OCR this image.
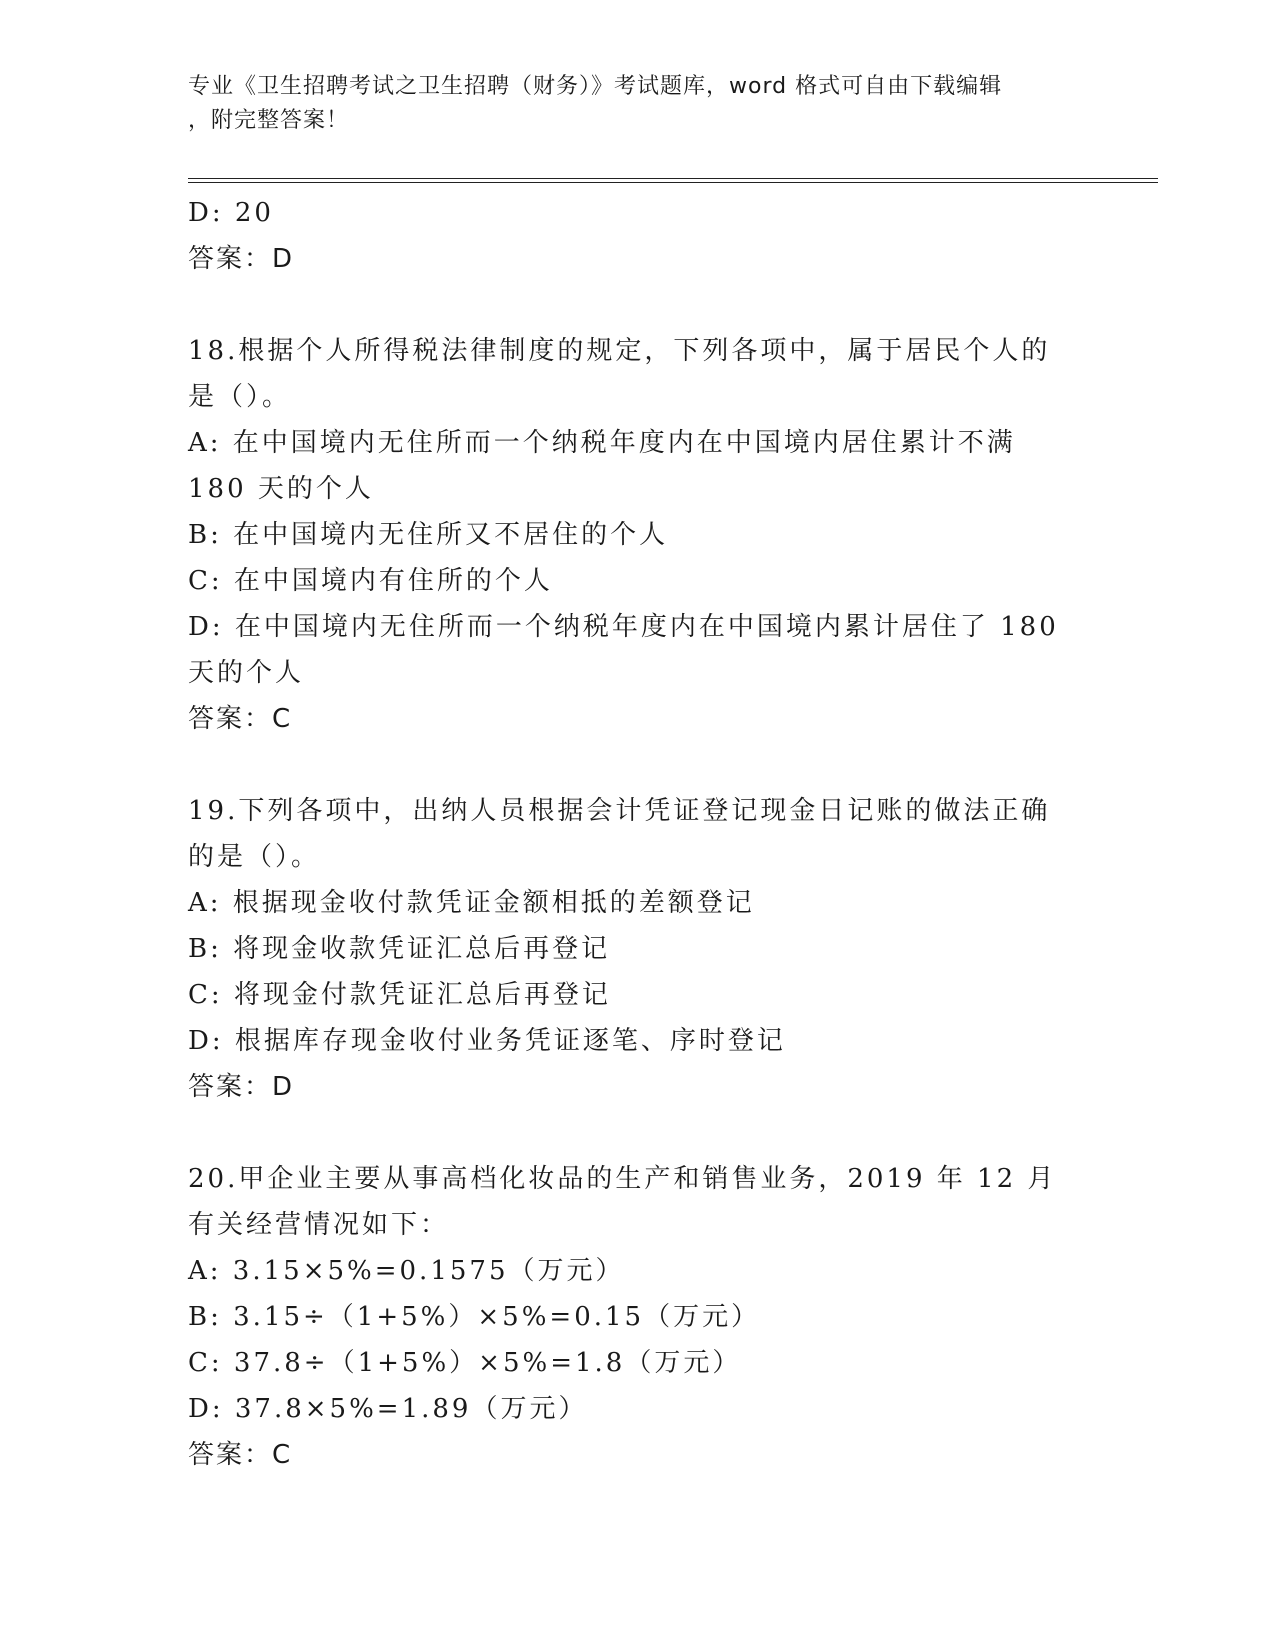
专业《卫生招聘考试之卫生招聘（财务）》考试题库，word 格式可自由下载编辑
，附完整答案！
D: 20
答案：D
18.根据个人所得税法律制度的规定，下列各项中，属于居民个人的是（）。
A: 在中国境内无住所而一个纳税年度内在中国境内居住累计不满 180 天的个人
B: 在中国境内无住所又不居住的个人
C: 在中国境内有住所的个人
D: 在中国境内无住所而一个纳税年度内在中国境内累计居住了 180 天的个人
答案：C
19.下列各项中，出纳人员根据会计凭证登记现金日记账的做法正确的是（）。
A: 根据现金收付款凭证金额相抵的差额登记
B: 将现金收款凭证汇总后再登记
C: 将现金付款凭证汇总后再登记
D: 根据库存现金收付业务凭证逐笔、序时登记
答案：D
20.甲企业主要从事高档化妆品的生产和销售业务，2019 年 12 月有关经营情况如下：
A: 3.15×5%=0.1575（万元）
B: 3.15÷（1+5%）×5%=0.15（万元）
C: 37.8÷（1+5%）×5%=1.8（万元）
D: 37.8×5%=1.89（万元）
答案：C
